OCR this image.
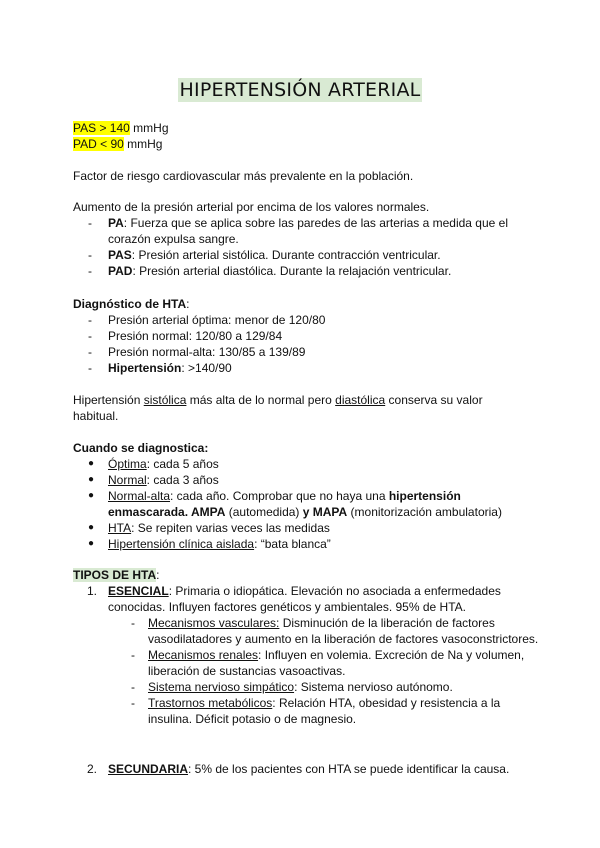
HIPERTENSIÓN ARTERIAL
PAS > 140 mmHg
PAD < 90 mmHg
Factor de riesgo cardiovascular más prevalente en la población.
Aumento de la presión arterial por encima de los valores normales.
- PA: Fuerza que se aplica sobre las paredes de las arterias a medida que el corazón expulsa sangre.
- PAS: Presión arterial sistólica. Durante contracción ventricular.
- PAD: Presión arterial diastólica. Durante la relajación ventricular.
Diagnóstico de HTA:
- Presión arterial óptima: menor de 120/80
- Presión normal: 120/80 a 129/84
- Presión normal-alta: 130/85 a 139/89
- Hipertensión: >140/90
Hipertensión sistólica más alta de lo normal pero diastólica conserva su valor habitual.
Cuando se diagnostica:
● Óptima: cada 5 años
● Normal: cada 3 años
● Normal-alta: cada año. Comprobar que no haya una hipertensión enmascarada. AMPA (automedida) y MAPA (monitorización ambulatoria)
● HTA: Se repiten varias veces las medidas
● Hipertensión clínica aislada: “bata blanca”
TIPOS DE HTA:
1. ESENCIAL: Primaria o idiopática. Elevación no asociada a enfermedades conocidas. Influyen factores genéticos y ambientales. 95% de HTA.
- Mecanismos vasculares: Disminución de la liberación de factores vasodilatadores y aumento en la liberación de factores vasoconstrictores.
- Mecanismos renales: Influyen en volemia. Excreción de Na y volumen, liberación de sustancias vasoactivas.
- Sistema nervioso simpático: Sistema nervioso autónomo.
- Trastornos metabólicos: Relación HTA, obesidad y resistencia a la insulina. Déficit potasio o de magnesio.
2. SECUNDARIA: 5% de los pacientes con HTA se puede identificar la causa.
